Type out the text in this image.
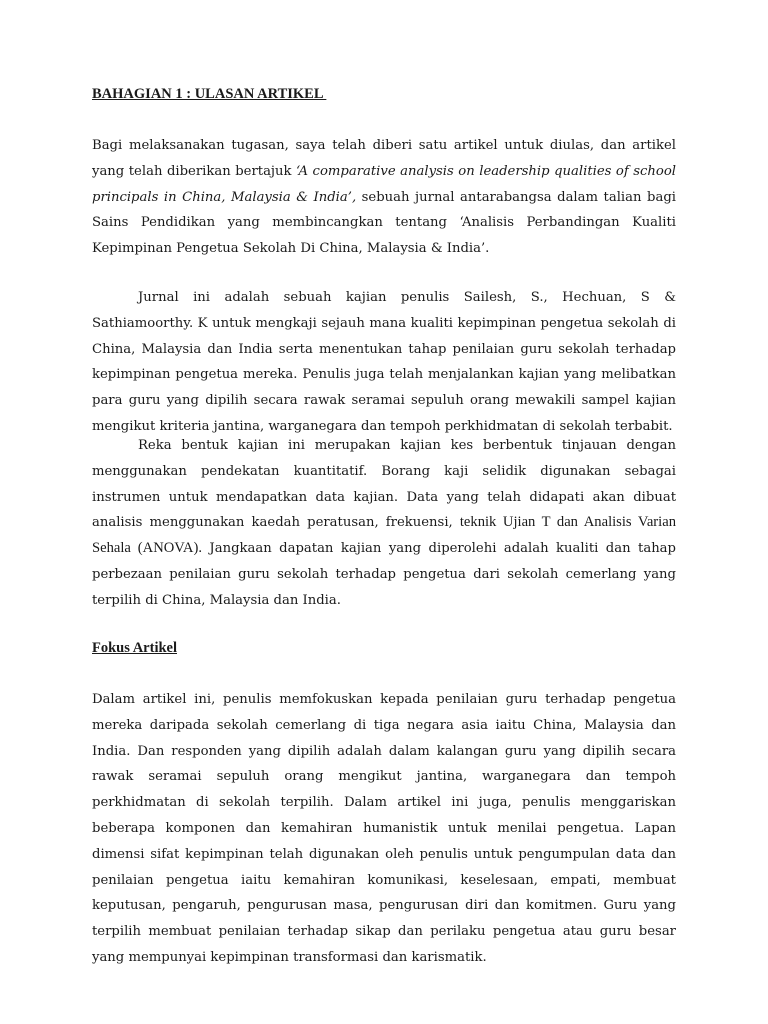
BAHAGIAN 1 : ULASAN ARTIKEL

Bagi melaksanakan tugasan, saya telah diberi satu artikel untuk diulas, dan artikel yang telah diberikan bertajuk ‘A comparative analysis on leadership qualities of school principals in China, Malaysia & India’, sebuah jurnal antarabangsa dalam talian bagi Sains Pendidikan yang membincangkan tentang ‘Analisis Perbandingan Kualiti Kepimpinan Pengetua Sekolah Di China, Malaysia & India’.

Jurnal ini adalah sebuah kajian penulis Sailesh, S., Hechuan, S & Sathiamoorthy. K untuk mengkaji sejauh mana kualiti kepimpinan pengetua sekolah di China, Malaysia dan India serta menentukan tahap penilaian guru sekolah terhadap kepimpinan pengetua mereka. Penulis juga telah menjalankan kajian yang melibatkan para guru yang dipilih secara rawak seramai sepuluh orang mewakili sampel kajian mengikut kriteria jantina, warganegara dan tempoh perkhidmatan di sekolah terbabit.

Reka bentuk kajian ini merupakan kajian kes berbentuk tinjauan dengan menggunakan pendekatan kuantitatif. Borang kaji selidik digunakan sebagai instrumen untuk mendapatkan data kajian. Data yang telah didapati akan dibuat analisis menggunakan kaedah peratusan, frekuensi, teknik Ujian T dan Analisis Varian Sehala (ANOVA). Jangkaan dapatan kajian yang diperolehi adalah kualiti dan tahap perbezaan penilaian guru sekolah terhadap pengetua dari sekolah cemerlang yang terpilih di China, Malaysia dan India.

Fokus Artikel

Dalam artikel ini, penulis memfokuskan kepada penilaian guru terhadap pengetua mereka daripada sekolah cemerlang di tiga negara asia iaitu China, Malaysia dan India. Dan responden yang dipilih adalah dalam kalangan guru yang dipilih secara rawak seramai sepuluh orang mengikut jantina, warganegara dan tempoh perkhidmatan di sekolah terpilih. Dalam artikel ini juga, penulis menggariskan beberapa komponen dan kemahiran humanistik untuk menilai pengetua. Lapan dimensi sifat kepimpinan telah digunakan oleh penulis untuk pengumpulan data dan penilaian pengetua iaitu kemahiran komunikasi, keselesaan, empati, membuat keputusan, pengaruh, pengurusan masa, pengurusan diri dan komitmen. Guru yang terpilih membuat penilaian terhadap sikap dan perilaku pengetua atau guru besar yang mempunyai kepimpinan transformasi dan karismatik.
